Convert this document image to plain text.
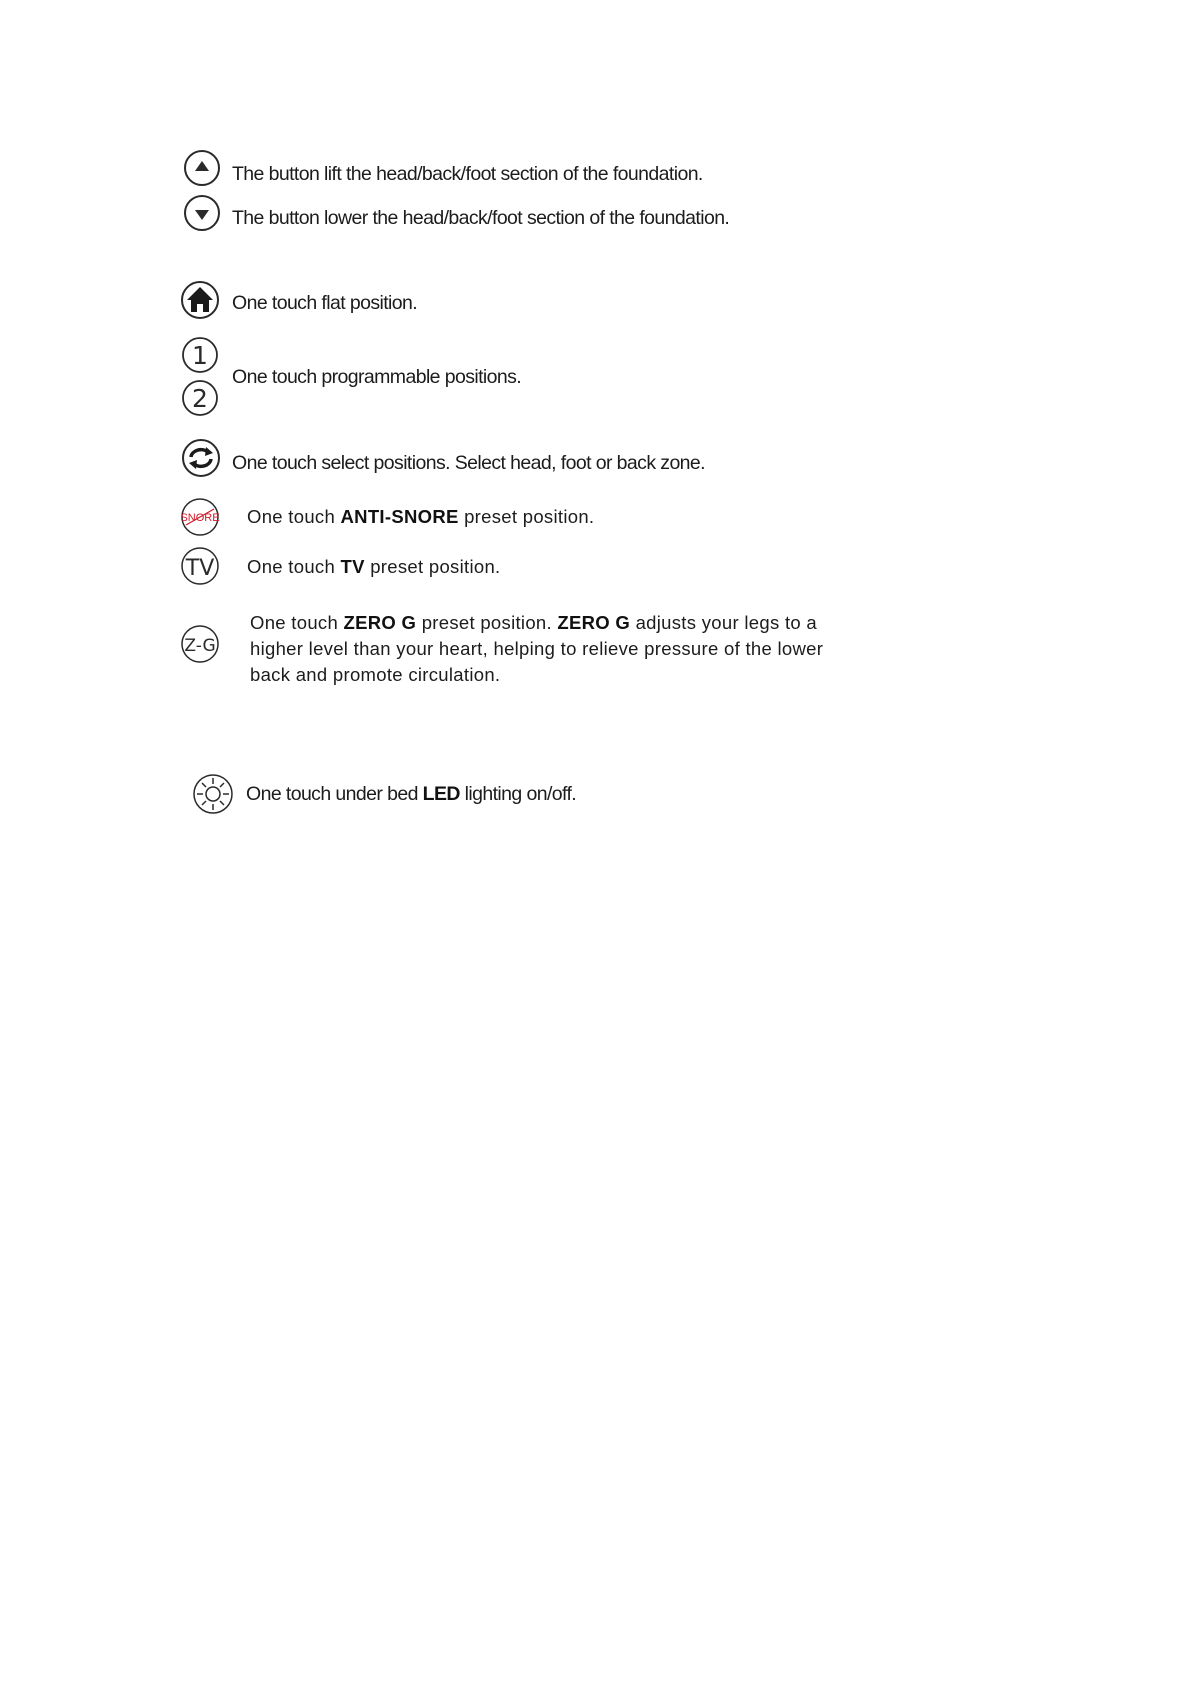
The button lift the head/back/foot section of the foundation.
The button lower the head/back/foot section of the foundation.
One touch flat position.
1
2
One touch programmable positions.
One touch select positions. Select head, foot or back zone.
SNORE One touch ANTI-SNORE preset position.
TV One touch TV preset position.
Z-G
One touch ZERO G preset position. ZERO G adjusts your legs to a
higher level than your heart, helping to relieve pressure of the lower
back and promote circulation.
One touch under bed LED lighting on/off.
